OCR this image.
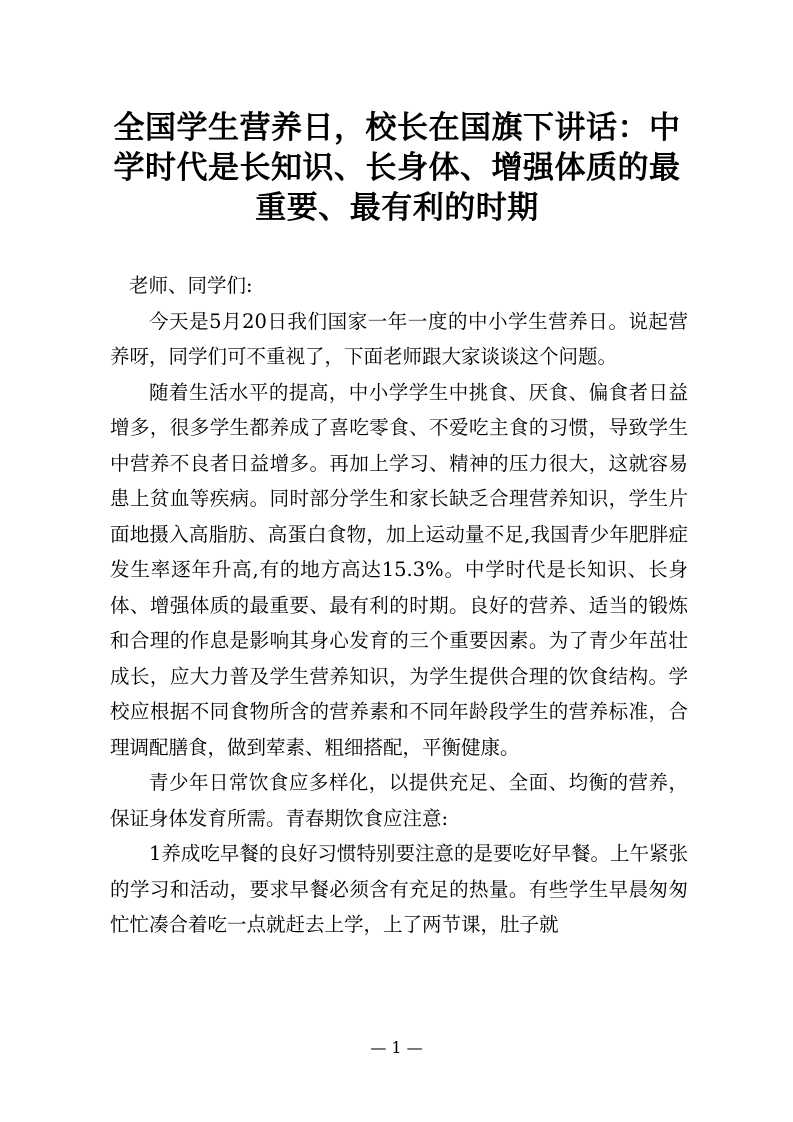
全国学生营养日，校长在国旗下讲话：中学时代是长知识、长身体、增强体质的最重要、最有利的时期

老师、同学们:

今天是5月20日我们国家一年一度的中小学生营养日。说起营养呀，同学们可不重视了，下面老师跟大家谈谈这个问题。

随着生活水平的提高，中小学学生中挑食、厌食、偏食者日益增多，很多学生都养成了喜吃零食、不爱吃主食的习惯，导致学生中营养不良者日益增多。再加上学习、精神的压力很大，这就容易患上贫血等疾病。同时部分学生和家长缺乏合理营养知识，学生片面地摄入高脂肪、高蛋白食物，加上运动量不足,我国青少年肥胖症发生率逐年升高,有的地方高达15.3%。中学时代是长知识、长身体、增强体质的最重要、最有利的时期。良好的营养、适当的锻炼和合理的作息是影响其身心发育的三个重要因素。为了青少年茁壮成长，应大力普及学生营养知识，为学生提供合理的饮食结构。学校应根据不同食物所含的营养素和不同年龄段学生的营养标准，合理调配膳食，做到荤素、粗细搭配，平衡健康。

青少年日常饮食应多样化，以提供充足、全面、均衡的营养，保证身体发育所需。青春期饮食应注意:

1养成吃早餐的良好习惯特别要注意的是要吃好早餐。上午紧张的学习和活动，要求早餐必须含有充足的热量。有些学生早晨匆匆忙忙凑合着吃一点就赶去上学，上了两节课，肚子就

— 1 —
